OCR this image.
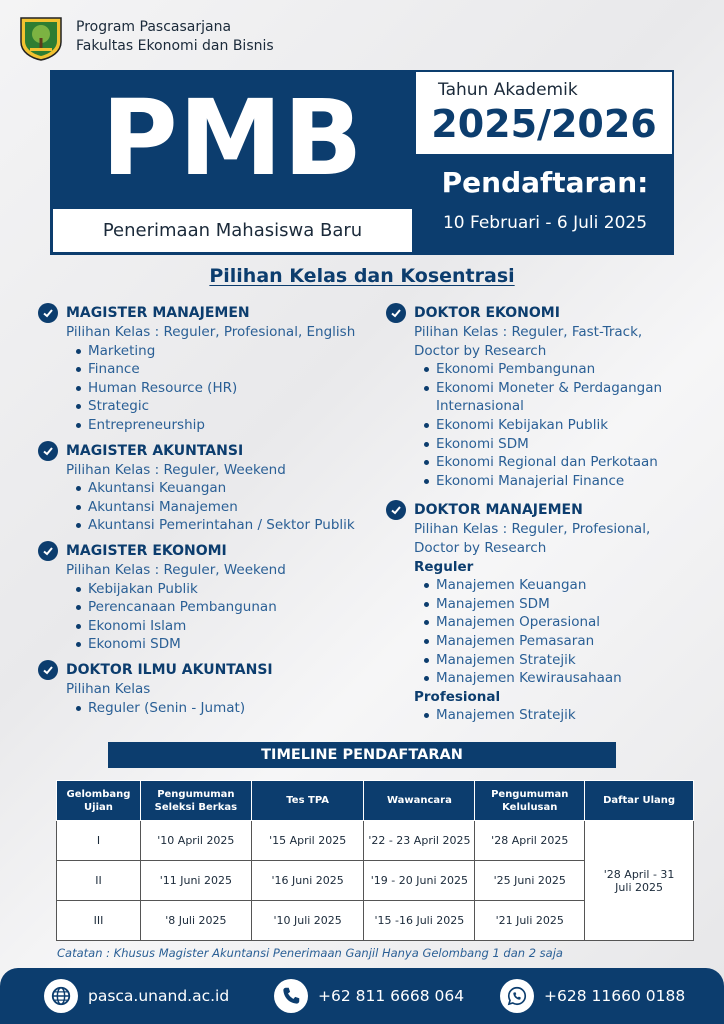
Program Pascasarjana
Fakultas Ekonomi dan Bisnis
PMB
Penerimaan Mahasiswa Baru
Tahun Akademik
2025/2026
Pendaftaran:
10 Februari - 6 Juli 2025
Pilihan Kelas dan Kosentrasi
MAGISTER MANAJEMEN
Pilihan Kelas : Reguler, Profesional, English
Marketing
Finance
Human Resource (HR)
Strategic
Entrepreneurship
MAGISTER AKUNTANSI
Pilihan Kelas : Reguler, Weekend
Akuntansi Keuangan
Akuntansi Manajemen
Akuntansi Pemerintahan / Sektor Publik
MAGISTER EKONOMI
Pilihan Kelas : Reguler, Weekend
Kebijakan Publik
Perencanaan Pembangunan
Ekonomi Islam
Ekonomi SDM
DOKTOR ILMU AKUNTANSI
Pilihan Kelas
Reguler (Senin - Jumat)
DOKTOR EKONOMI
Pilihan Kelas : Reguler, Fast-Track,
Doctor by Research
Ekonomi Pembangunan
Ekonomi Moneter & Perdagangan
Internasional
Ekonomi Kebijakan Publik
Ekonomi SDM
Ekonomi Regional dan Perkotaan
Ekonomi Manajerial Finance
DOKTOR MANAJEMEN
Pilihan Kelas : Reguler, Profesional,
Doctor by Research
Reguler
Manajemen Keuangan
Manajemen SDM
Manajemen Operasional
Manajemen Pemasaran
Manajemen Stratejik
Manajemen Kewirausahaan
Profesional
Manajemen Stratejik
TIMELINE PENDAFTARAN
Gelombang Ujian	Pengumuman Seleksi Berkas	Tes TPA	Wawancara	Pengumuman Kelulusan	Daftar Ulang
I	'10 April 2025	'15 April 2025	'22 - 23 April 2025	'28 April 2025	'28 April - 31 Juli 2025
II	'11 Juni 2025	'16 Juni 2025	'19 - 20 Juni 2025	'25 Juni 2025	
III	'8 Juli 2025	'10 Juli 2025	'15 -16 Juli 2025	'21 Juli 2025	
Catatan : Khusus Magister Akuntansi Penerimaan Ganjil Hanya Gelombang 1 dan 2 saja
pasca.unand.ac.id	+62 811 6668 064	+628 11660 0188
